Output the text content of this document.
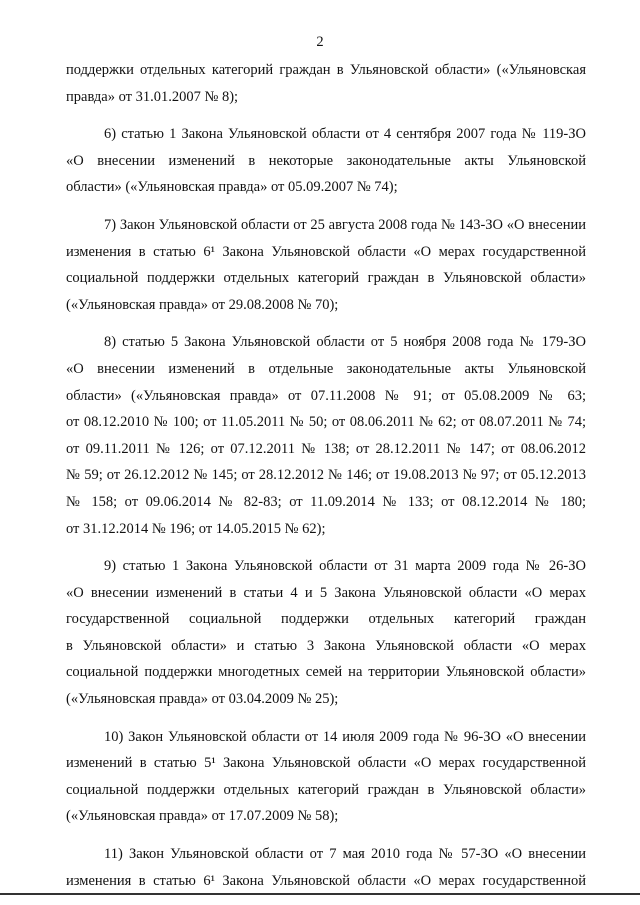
2
поддержки отдельных категорий граждан в Ульяновской области» («Ульяновская
правда» от 31.01.2007 № 8);
6) статью 1 Закона Ульяновской области от 4 сентября 2007 года № 119-ЗО
«О внесении изменений в некоторые законодательные акты Ульяновской
области» («Ульяновская правда» от 05.09.2007 № 74);
7) Закон Ульяновской области от 25 августа 2008 года № 143-ЗО «О внесении
изменения в статью 6¹ Закона Ульяновской области «О мерах государственной
социальной поддержки отдельных категорий граждан в Ульяновской области»
(«Ульяновская правда» от 29.08.2008 № 70);
8) статью 5 Закона Ульяновской области от 5 ноября 2008 года № 179-ЗО
«О внесении изменений в отдельные законодательные акты Ульяновской
области» («Ульяновская правда» от 07.11.2008 № 91; от 05.08.2009 № 63;
от 08.12.2010 № 100; от 11.05.2011 № 50; от 08.06.2011 № 62; от 08.07.2011 № 74;
от 09.11.2011 № 126; от 07.12.2011 № 138; от 28.12.2011 № 147; от 08.06.2012
№ 59; от 26.12.2012 № 145; от 28.12.2012 № 146; от 19.08.2013 № 97; от 05.12.2013
№ 158; от 09.06.2014 № 82-83; от 11.09.2014 № 133; от 08.12.2014 № 180;
от 31.12.2014 № 196; от 14.05.2015 № 62);
9) статью 1 Закона Ульяновской области от 31 марта 2009 года № 26-ЗО
«О внесении изменений в статьи 4 и 5 Закона Ульяновской области «О мерах
государственной социальной поддержки отдельных категорий граждан
в Ульяновской области» и статью 3 Закона Ульяновской области «О мерах
социальной поддержки многодетных семей на территории Ульяновской области»
(«Ульяновская правда» от 03.04.2009 № 25);
10) Закон Ульяновской области от 14 июля 2009 года № 96-ЗО «О внесении
изменений в статью 5¹ Закона Ульяновской области «О мерах государственной
социальной поддержки отдельных категорий граждан в Ульяновской области»
(«Ульяновская правда» от 17.07.2009 № 58);
11) Закон Ульяновской области от 7 мая 2010 года № 57-ЗО «О внесении
изменения в статью 6¹ Закона Ульяновской области «О мерах государственной
